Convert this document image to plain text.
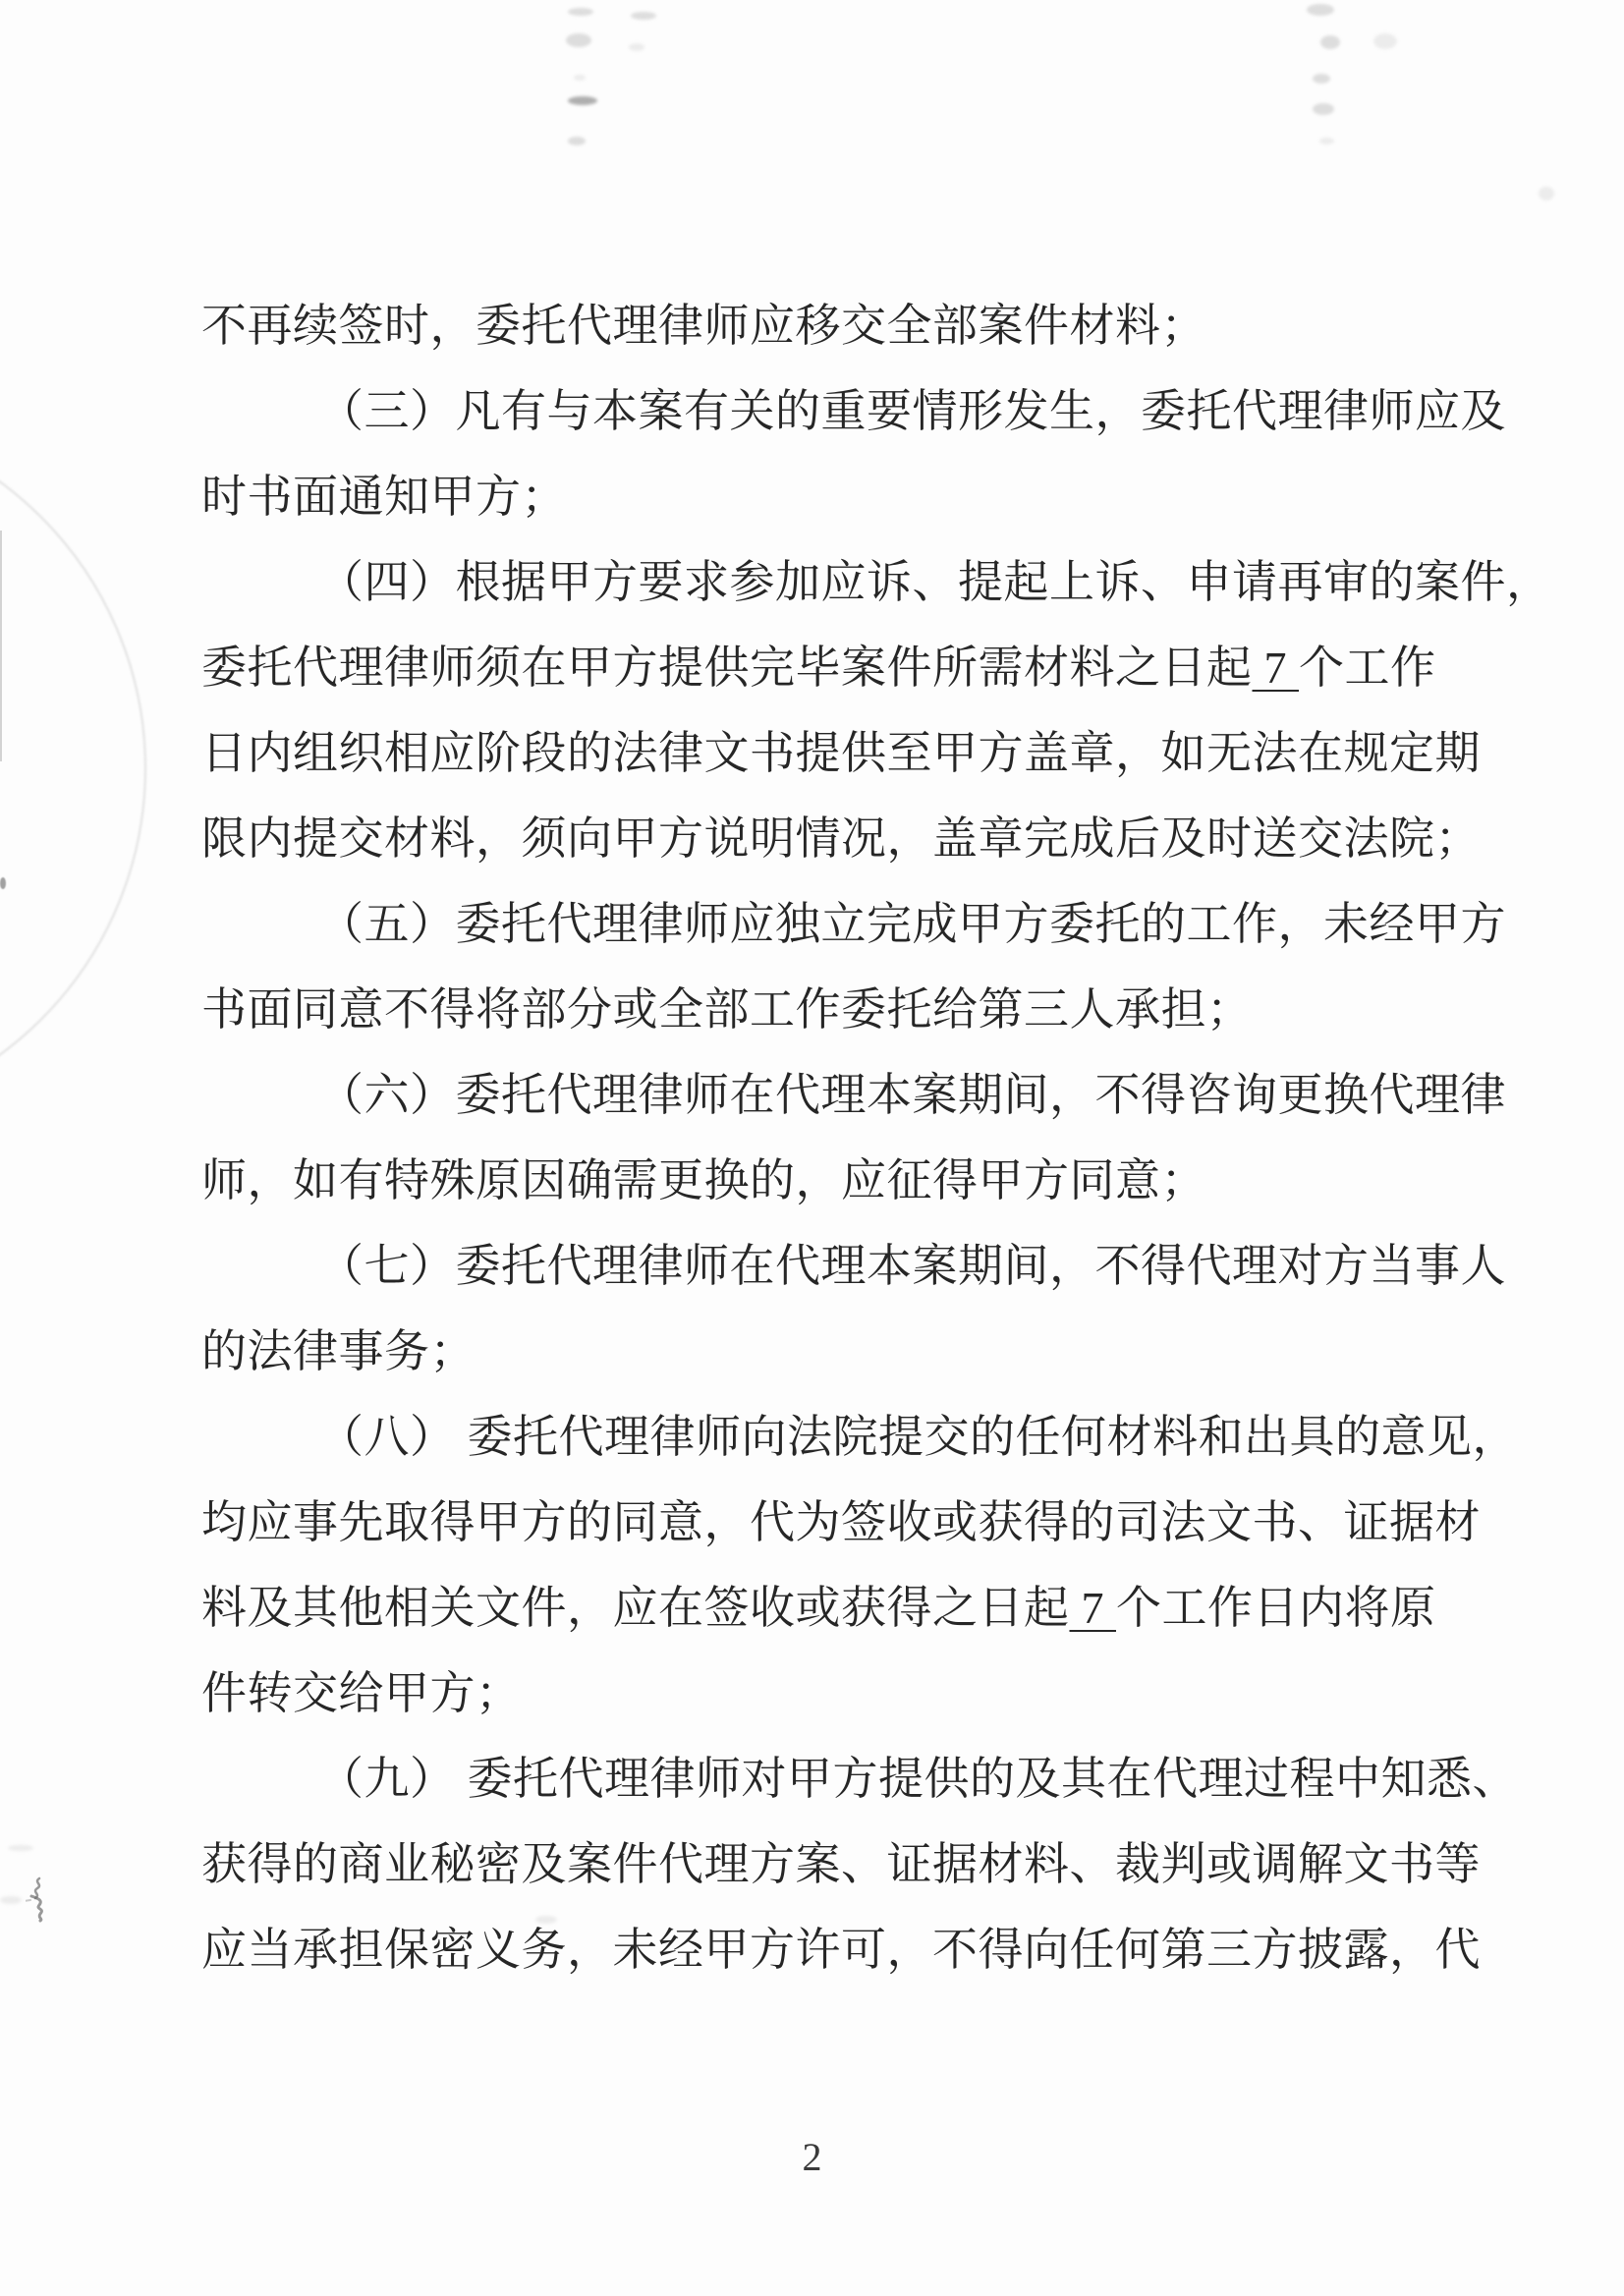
不再续签时，委托代理律师应移交全部案件材料；
（三）凡有与本案有关的重要情形发生，委托代理律师应及
时书面通知甲方；
（四）根据甲方要求参加应诉、提起上诉、申请再审的案件，
委托代理律师须在甲方提供完毕案件所需材料之日起 7 个工作
日内组织相应阶段的法律文书提供至甲方盖章，如无法在规定期
限内提交材料，须向甲方说明情况，盖章完成后及时送交法院；
（五）委托代理律师应独立完成甲方委托的工作，未经甲方
书面同意不得将部分或全部工作委托给第三人承担；
（六）委托代理律师在代理本案期间，不得咨询更换代理律
师，如有特殊原因确需更换的，应征得甲方同意；
（七）委托代理律师在代理本案期间，不得代理对方当事人
的法律事务；
（八） 委托代理律师向法院提交的任何材料和出具的意见，
均应事先取得甲方的同意，代为签收或获得的司法文书、证据材
料及其他相关文件，应在签收或获得之日起 7 个工作日内将原
件转交给甲方；
（九） 委托代理律师对甲方提供的及其在代理过程中知悉、
获得的商业秘密及案件代理方案、证据材料、裁判或调解文书等
应当承担保密义务，未经甲方许可，不得向任何第三方披露，代
2
